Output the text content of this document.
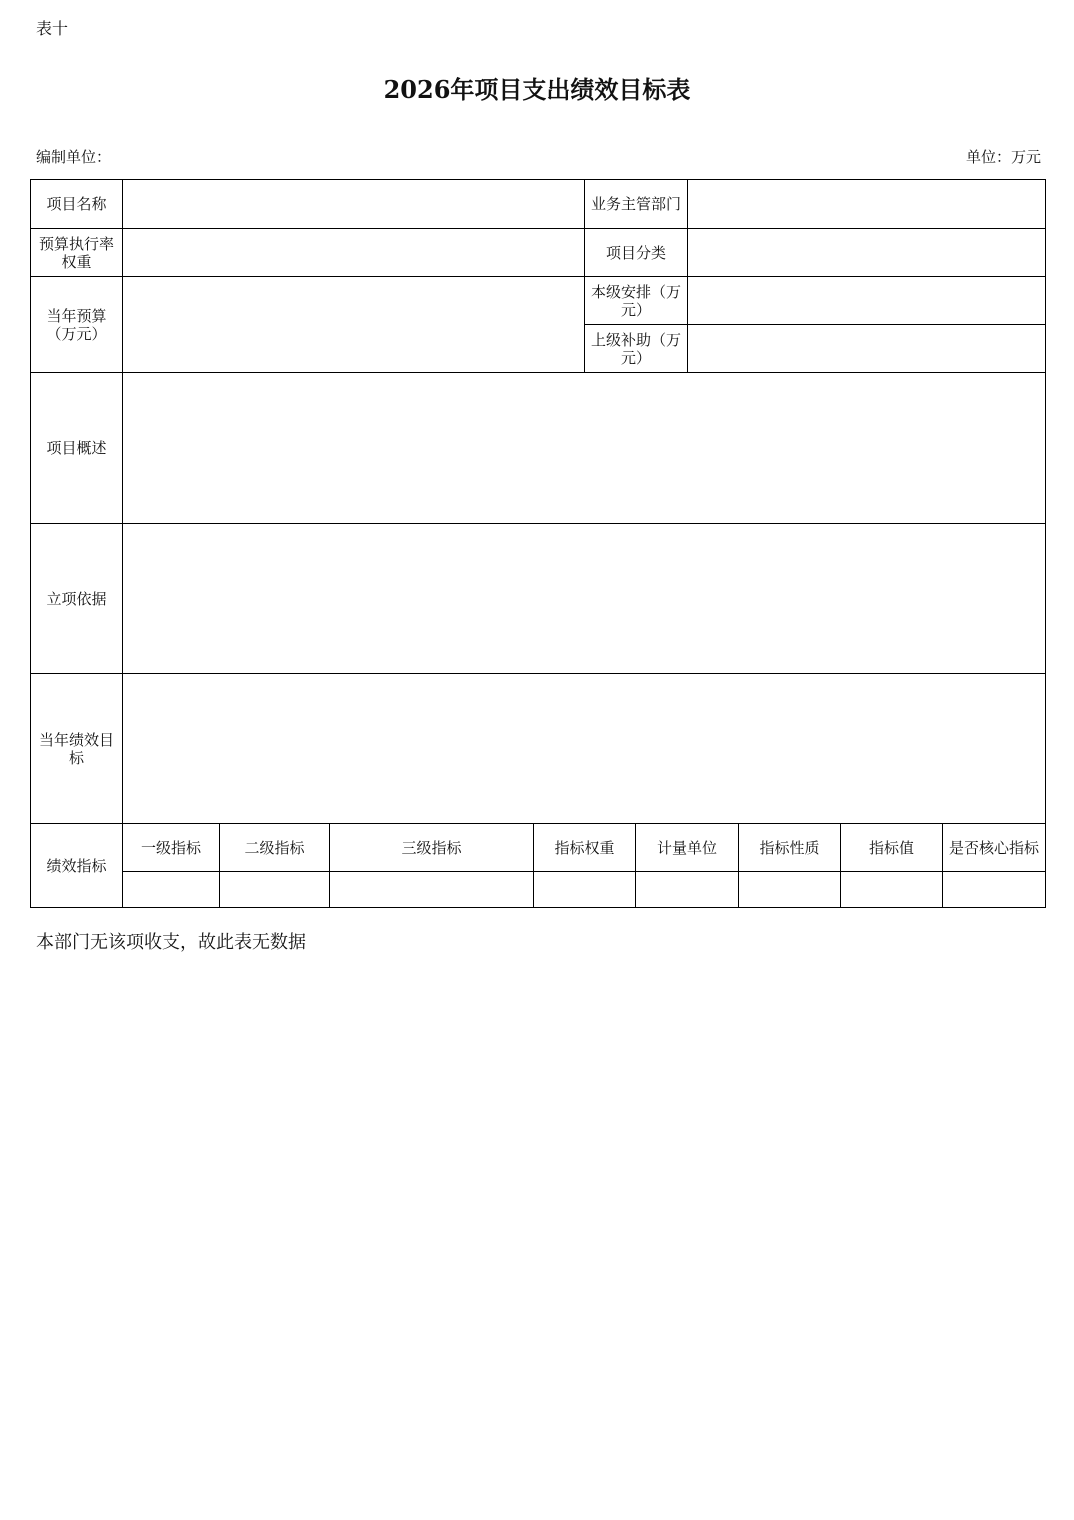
表十
2026年项目支出绩效目标表
编制单位：	单位：万元
项目名称		业务主管部门	
预算执行率权重		项目分类	
当年预算（万元）		本级安排（万元）	
		上级补助（万元）	
项目概述			
立项依据			
当年绩效目标			
绩效指标	一级指标	二级指标	三级指标	指标权重	计量单位	指标性质	指标值	是否核心指标

本部门无该项收支，故此表无数据
